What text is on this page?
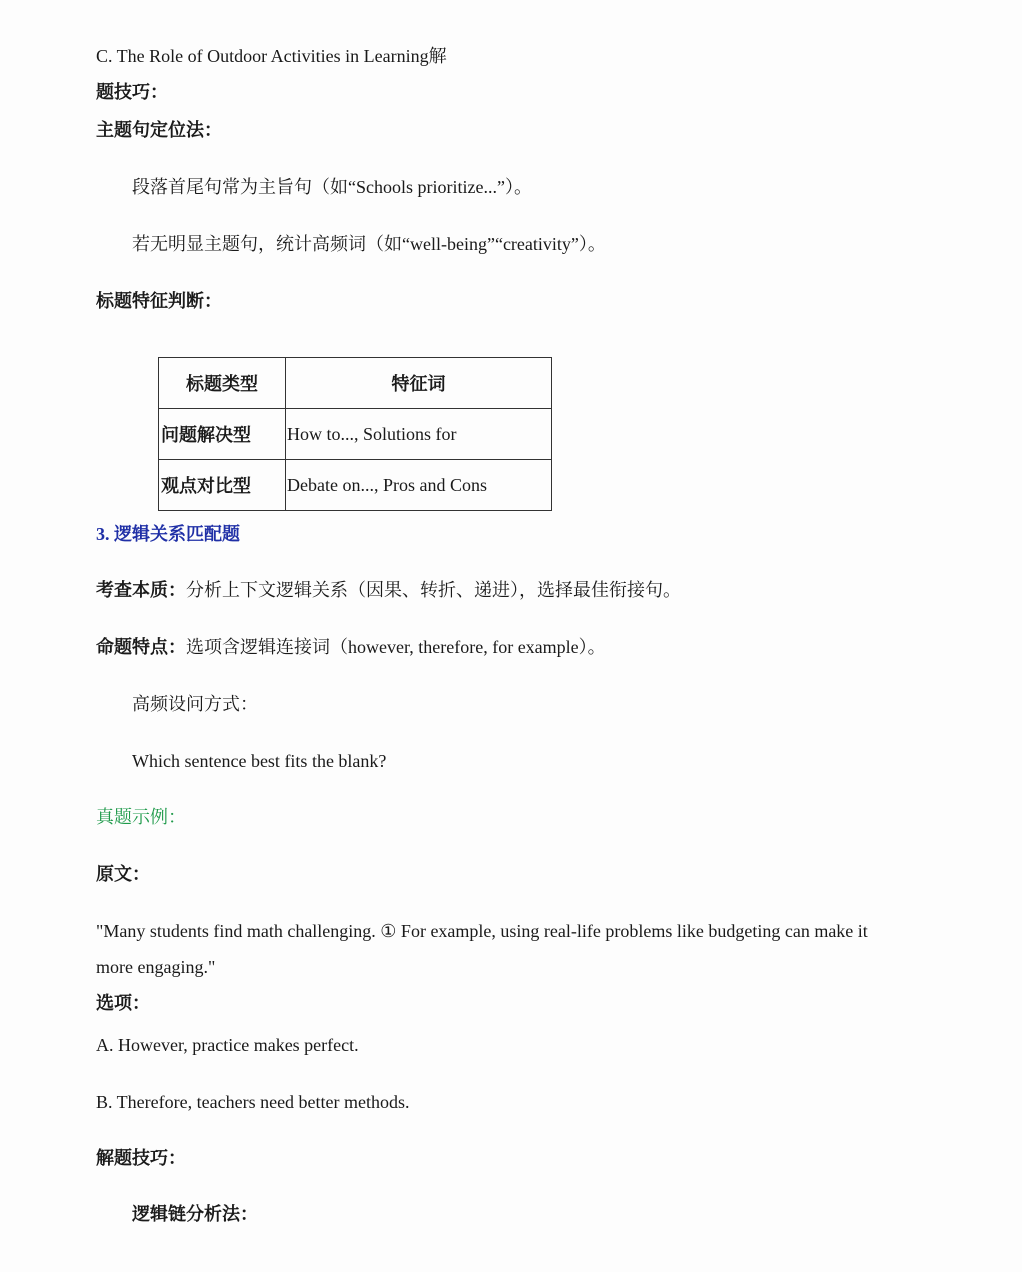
C. The Role of Outdoor Activities in Learning解
题技巧：
主题句定位法：
段落首尾句常为主旨句（如“Schools prioritize...”）。
若无明显主题句，统计高频词（如“well-being”“creativity”）。
标题特征判断：
标题类型	特征词
问题解决型	How to..., Solutions for
观点对比型	Debate on..., Pros and Cons
3. 逻辑关系匹配题
考查本质：分析上下文逻辑关系（因果、转折、递进），选择最佳衔接句。
命题特点：选项含逻辑连接词（however, therefore, for example）。
高频设问方式：
Which sentence best fits the blank?
真题示例：
原文：
"Many students find math challenging. ① For example, using real-life problems like budgeting can make it
more engaging."
选项：
A. However, practice makes perfect.
B. Therefore, teachers need better methods.
解题技巧：
逻辑链分析法：
